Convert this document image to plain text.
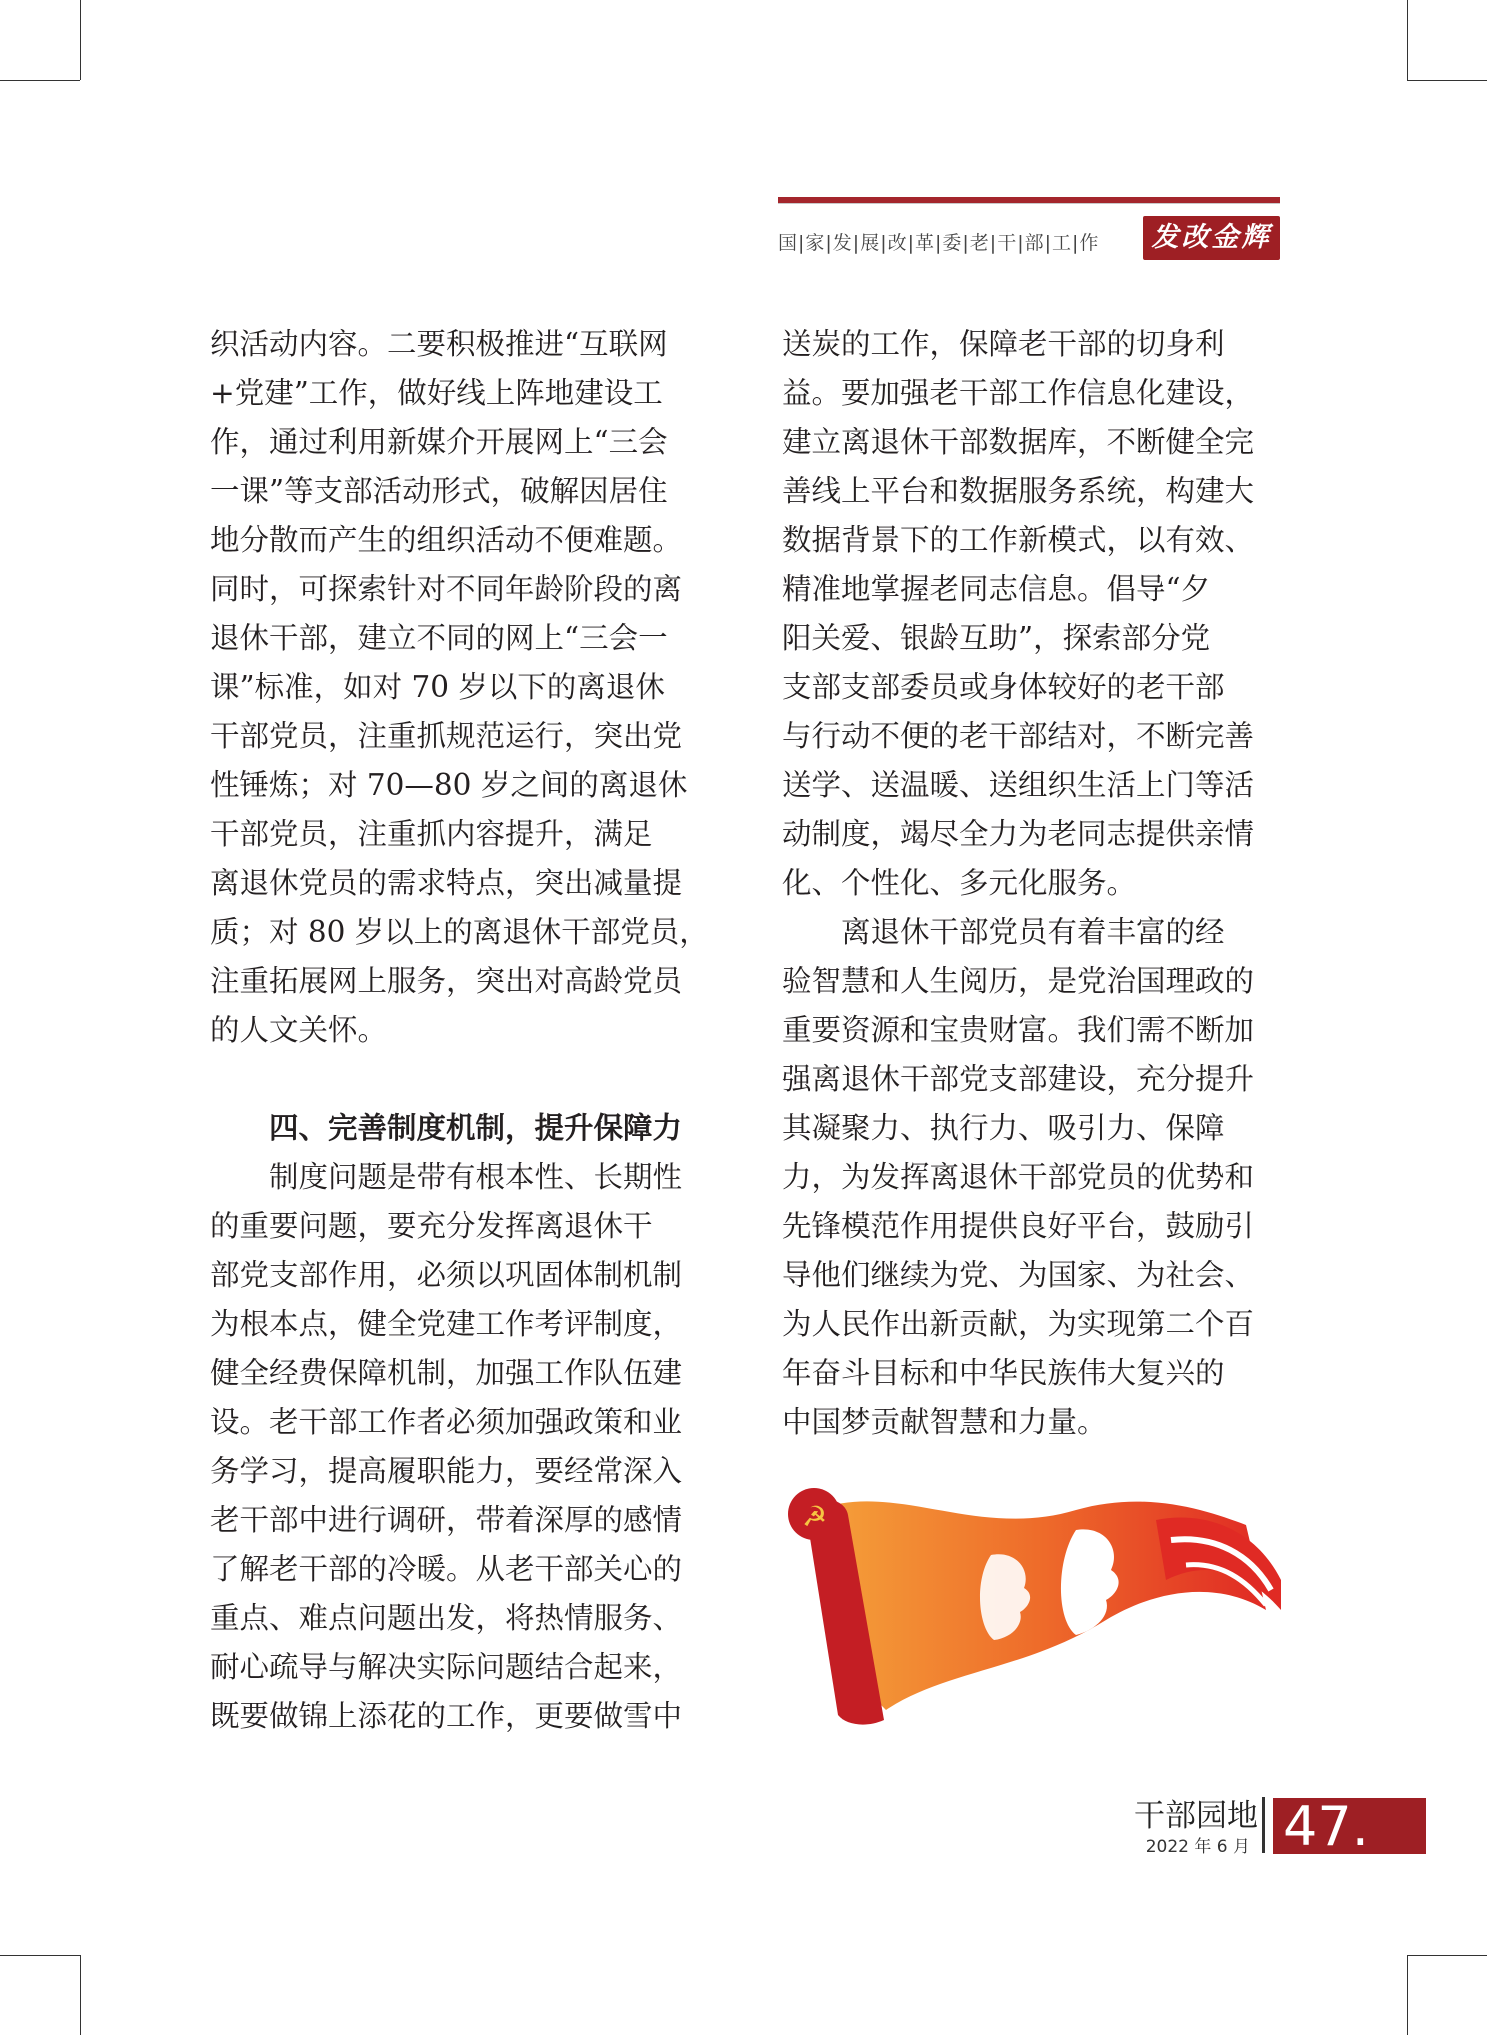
国|家|发|展|改|革|委|老|干|部|工|作	发改金辉

织活动内容。二要积极推进“互联网

+党建”工作，做好线上阵地建设工

作，通过利用新媒介开展网上“三会

一课”等支部活动形式，破解因居住

地分散而产生的组织活动不便难题。

同时，可探索针对不同年龄阶段的离

退休干部，建立不同的网上“三会一

课”标准，如对 70 岁以下的离退休

干部党员，注重抓规范运行，突出党

性锤炼；对 70—80 岁之间的离退休

干部党员，注重抓内容提升，满足

离退休党员的需求特点，突出减量提

质；对 80 岁以上的离退休干部党员，

注重拓展网上服务，突出对高龄党员

的人文关怀。

四、完善制度机制，提升保障力

　　制度问题是带有根本性、长期性

的重要问题，要充分发挥离退休干

部党支部作用，必须以巩固体制机制

为根本点，健全党建工作考评制度，

健全经费保障机制，加强工作队伍建

设。老干部工作者必须加强政策和业

务学习，提高履职能力，要经常深入

老干部中进行调研，带着深厚的感情

了解老干部的冷暖。从老干部关心的

重点、难点问题出发，将热情服务、

耐心疏导与解决实际问题结合起来，

既要做锦上添花的工作，更要做雪中

送炭的工作，保障老干部的切身利

益。要加强老干部工作信息化建设，

建立离退休干部数据库，不断健全完

善线上平台和数据服务系统，构建大

数据背景下的工作新模式，以有效、

精准地掌握老同志信息。倡导“夕

阳关爱、银龄互助”，探索部分党

支部支部委员或身体较好的老干部

与行动不便的老干部结对，不断完善

送学、送温暖、送组织生活上门等活

动制度，竭尽全力为老同志提供亲情

化、个性化、多元化服务。

　　离退休干部党员有着丰富的经

验智慧和人生阅历，是党治国理政的

重要资源和宝贵财富。我们需不断加

强离退休干部党支部建设，充分提升

其凝聚力、执行力、吸引力、保障

力，为发挥离退休干部党员的优势和

先锋模范作用提供良好平台，鼓励引

导他们继续为党、为国家、为社会、

为人民作出新贡献，为实现第二个百

年奋斗目标和中华民族伟大复兴的

中国梦贡献智慧和力量。

☭
干部园地
2022 年 6 月 47.
